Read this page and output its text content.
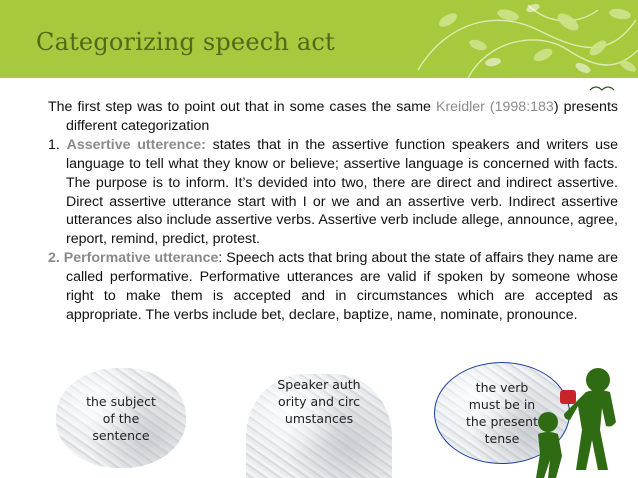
Categorizing speech act

The first step was to point out that in some cases the same Kreidler (1998:183) presents different categorization

1. Assertive utterence: states that in the assertive function speakers and writers use language to tell what they know or believe; assertive language is concerned with facts. The purpose is to inform. It’s devided into two, there are direct and indirect assertive. Direct assertive utterance start with I or we and an assertive verb. Indirect assertive utterances also include assertive verbs. Assertive verb include allege, announce, agree, report, remind, predict, protest.

2. Performative utterance: Speech acts that bring about the state of affairs they name are called performative. Performative utterances are valid if spoken by someone whose right to make them is accepted and in circumstances which are accepted as appropriate. The verbs include bet, declare, baptize, name, nominate, pronounce.

the subject of the sentence
Speaker authority and circumstances
the verb must be in the present tense
